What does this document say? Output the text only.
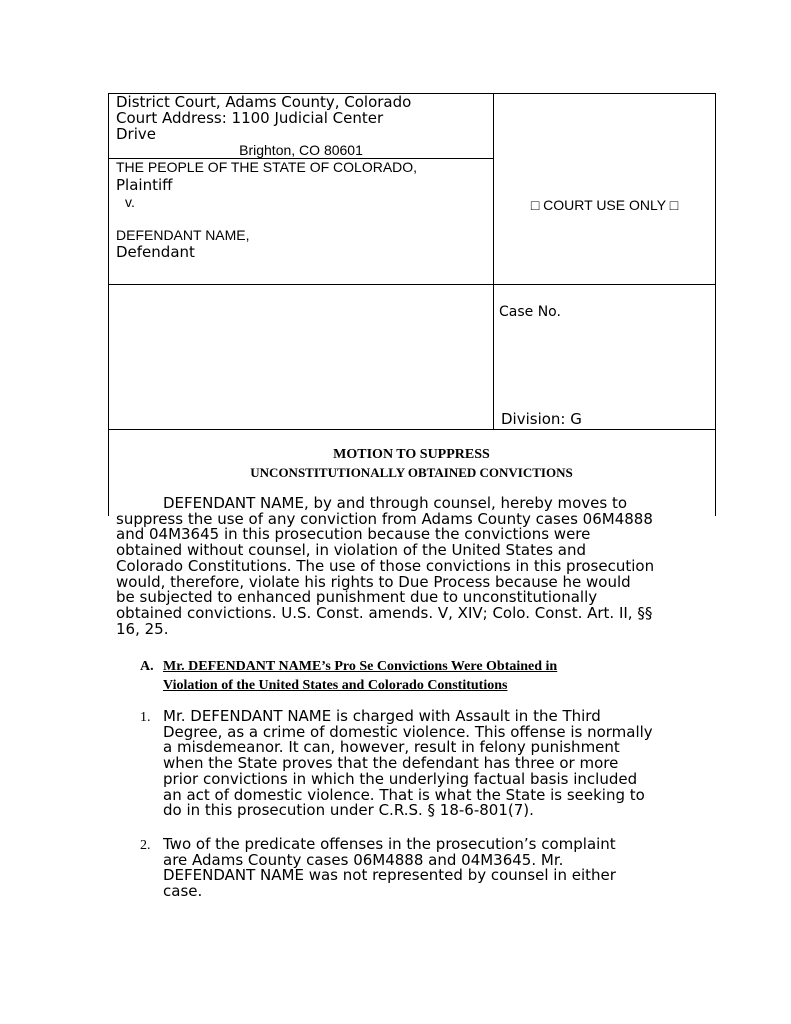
District Court, Adams County, Colorado
Court Address: 1100 Judicial Center
Drive
Brighton, CO 80601
THE PEOPLE OF THE STATE OF COLORADO,
Plaintiff
v.
DEFENDANT NAME,
Defendant
□ COURT USE ONLY □
Case No.
Division: G
MOTION TO SUPPRESS
UNCONSTITUTIONALLY OBTAINED CONVICTIONS
DEFENDANT NAME, by and through counsel, hereby moves to
suppress the use of any conviction from Adams County cases 06M4888
and 04M3645 in this prosecution because the convictions were
obtained without counsel, in violation of the United States and
Colorado Constitutions. The use of those convictions in this prosecution
would, therefore, violate his rights to Due Process because he would
be subjected to enhanced punishment due to unconstitutionally
obtained convictions. U.S. Const. amends. V, XIV; Colo. Const. Art. II, §§
16, 25.
A. Mr. DEFENDANT NAME’s Pro Se Convictions Were Obtained in
Violation of the United States and Colorado Constitutions
1. Mr. DEFENDANT NAME is charged with Assault in the Third
Degree, as a crime of domestic violence. This offense is normally
a misdemeanor. It can, however, result in felony punishment
when the State proves that the defendant has three or more
prior convictions in which the underlying factual basis included
an act of domestic violence. That is what the State is seeking to
do in this prosecution under C.R.S. § 18-6-801(7).
2. Two of the predicate offenses in the prosecution’s complaint
are Adams County cases 06M4888 and 04M3645. Mr.
DEFENDANT NAME was not represented by counsel in either
case.
